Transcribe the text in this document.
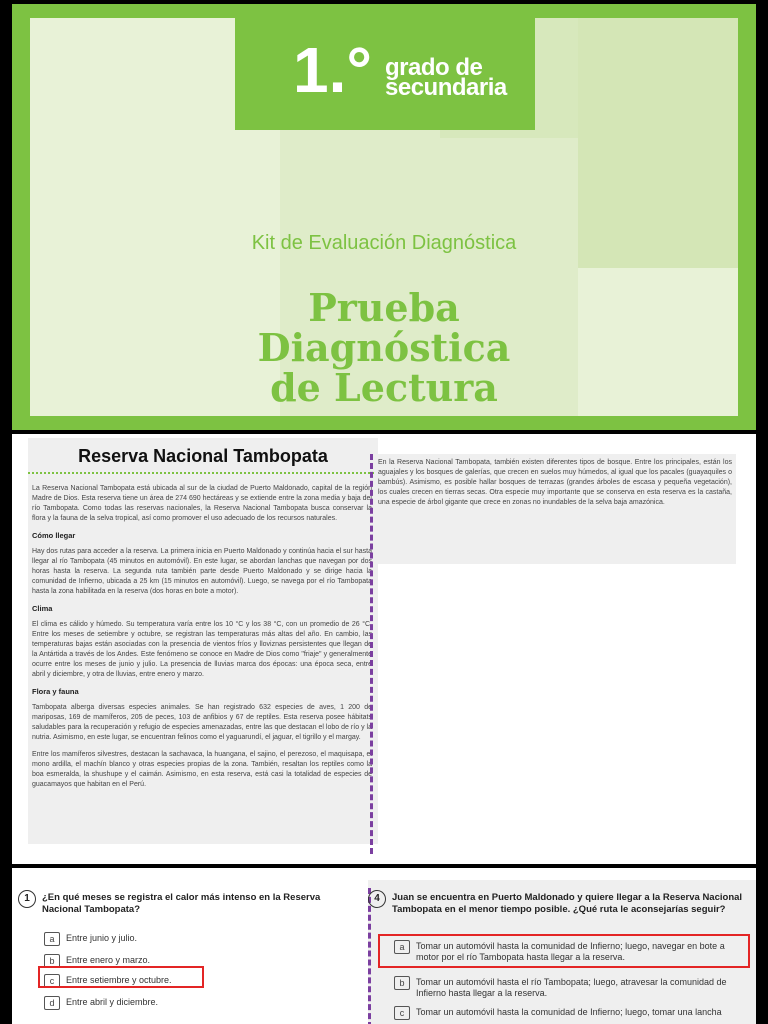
1.° grado de
secundaria
Kit de Evaluación Diagnóstica
Prueba
Diagnóstica
de Lectura
Reserva Nacional Tambopata

La Reserva Nacional Tambopata está ubicada al sur de la ciudad de Puerto Maldonado, capital de la región Madre de Dios. Esta reserva tiene un área de 274 690 hectáreas y se extiende entre la zona media y baja del río Tambopata. Como todas las reservas nacionales, la Reserva Nacional Tambopata busca conservar la flora y la fauna de la selva tropical, así como promover el uso adecuado de los recursos naturales.

Cómo llegar

Hay dos rutas para acceder a la reserva. La primera inicia en Puerto Maldonado y continúa hacia el sur hasta llegar al río Tambopata (45 minutos en automóvil). En este lugar, se abordan lanchas que navegan por dos horas hasta la reserva. La segunda ruta también parte desde Puerto Maldonado y se dirige hacia la comunidad de Infierno, ubicada a 25 km (15 minutos en automóvil). Luego, se navega por el río Tambopata hasta la zona habilitada en la reserva (dos horas en bote a motor).

Clima

El clima es cálido y húmedo. Su temperatura varía entre los 10 °C y los 38 °C, con un promedio de 26 °C. Entre los meses de setiembre y octubre, se registran las temperaturas más altas del año. En cambio, las temperaturas bajas están asociadas con la presencia de vientos fríos y lloviznas persistentes que llegan de la Antártida a través de los Andes. Este fenómeno se conoce en Madre de Dios como "friaje" y generalmente ocurre entre los meses de junio y julio. La presencia de lluvias marca dos épocas: una época seca, entre abril y diciembre, y otra de lluvias, entre enero y marzo.

Flora y fauna

Tambopata alberga diversas especies animales. Se han registrado 632 especies de aves, 1 200 de mariposas, 169 de mamíferos, 205 de peces, 103 de anfibios y 67 de reptiles. Esta reserva posee hábitats saludables para la recuperación y refugio de especies amenazadas, entre las que destacan el lobo de río y la nutria. Asimismo, en este lugar, se encuentran felinos como el yaguarundí, el jaguar, el tigrillo y el margay.

Entre los mamíferos silvestres, destacan la sachavaca, la huangana, el sajino, el perezoso, el maquisapa, el mono ardilla, el machín blanco y otras especies propias de la zona. También, resaltan los reptiles como la boa esmeralda, la shushupe y el caimán. Asimismo, en esta reserva, está casi la totalidad de especies de guacamayos que habitan en el Perú.

En la Reserva Nacional Tambopata, también existen diferentes tipos de bosque. Entre los principales, están los aguajales y los bosques de galerías, que crecen en suelos muy húmedos, al igual que los pacales (guayaquiles o bambús). Asimismo, es posible hallar bosques de terrazas (grandes árboles de escasa y pequeña vegetación), los cuales crecen en tierras secas. Otra especie muy importante que se conserva en esta reserva es la castaña, una especie de árbol gigante que crece en zonas no inundables de la selva baja amazónica.

1	¿En qué meses se registra el calor más intenso en la Reserva Nacional Tambopata?
a	Entre junio y julio.
b	Entre enero y marzo.
c	Entre setiembre y octubre.
d	Entre abril y diciembre.
4	Juan se encuentra en Puerto Maldonado y quiere llegar a la Reserva Nacional Tambopata en el menor tiempo posible. ¿Qué ruta le aconsejarías seguir?
a	Tomar un automóvil hasta la comunidad de Infierno; luego, navegar en bote a motor por el río Tambopata hasta llegar a la reserva.
b	Tomar un automóvil hasta el río Tambopata; luego, atravesar la comunidad de Infierno hasta llegar a la reserva.
c	Tomar un automóvil hasta la comunidad de Infierno; luego, tomar una lancha
